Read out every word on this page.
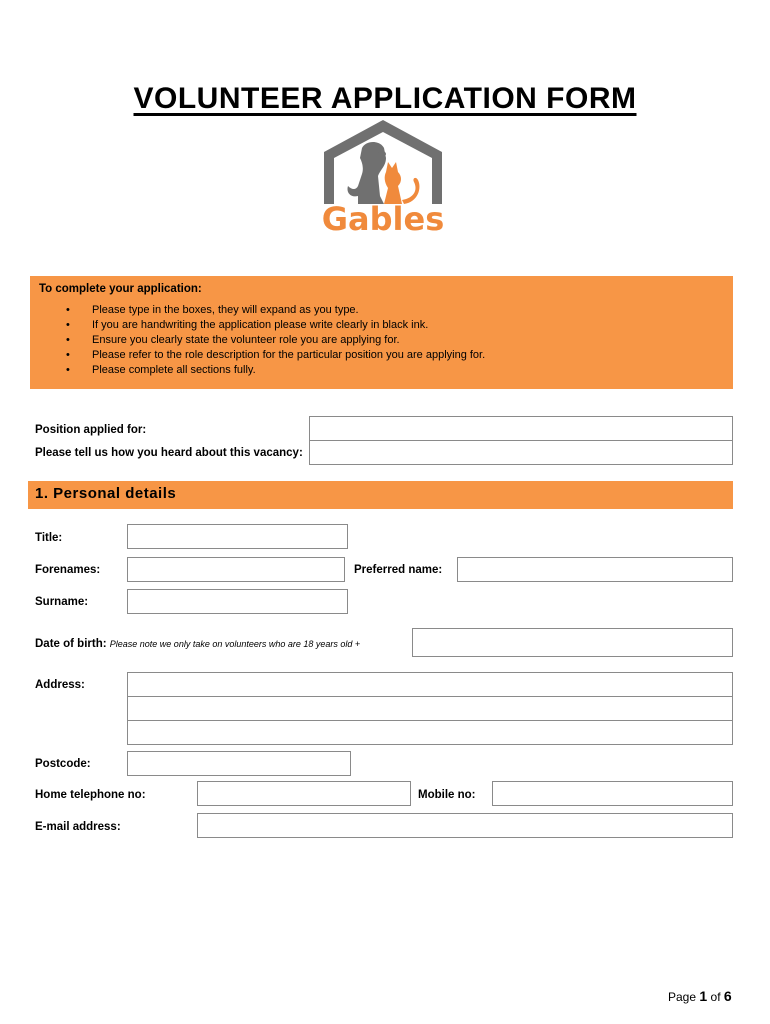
VOLUNTEER APPLICATION FORM
Gables
To complete your application:
• Please type in the boxes, they will expand as you type.
• If you are handwriting the application please write clearly in black ink.
• Ensure you clearly state the volunteer role you are applying for.
• Please refer to the role description for the particular position you are applying for.
• Please complete all sections fully.
Position applied for:
Please tell us how you heard about this vacancy:
1. Personal details
Title:
Forenames:	Preferred name:
Surname:
Date of birth: Please note we only take on volunteers who are 18 years old +
Address:
Postcode:
Home telephone no:	Mobile no:
E-mail address:
Page 1 of 6
